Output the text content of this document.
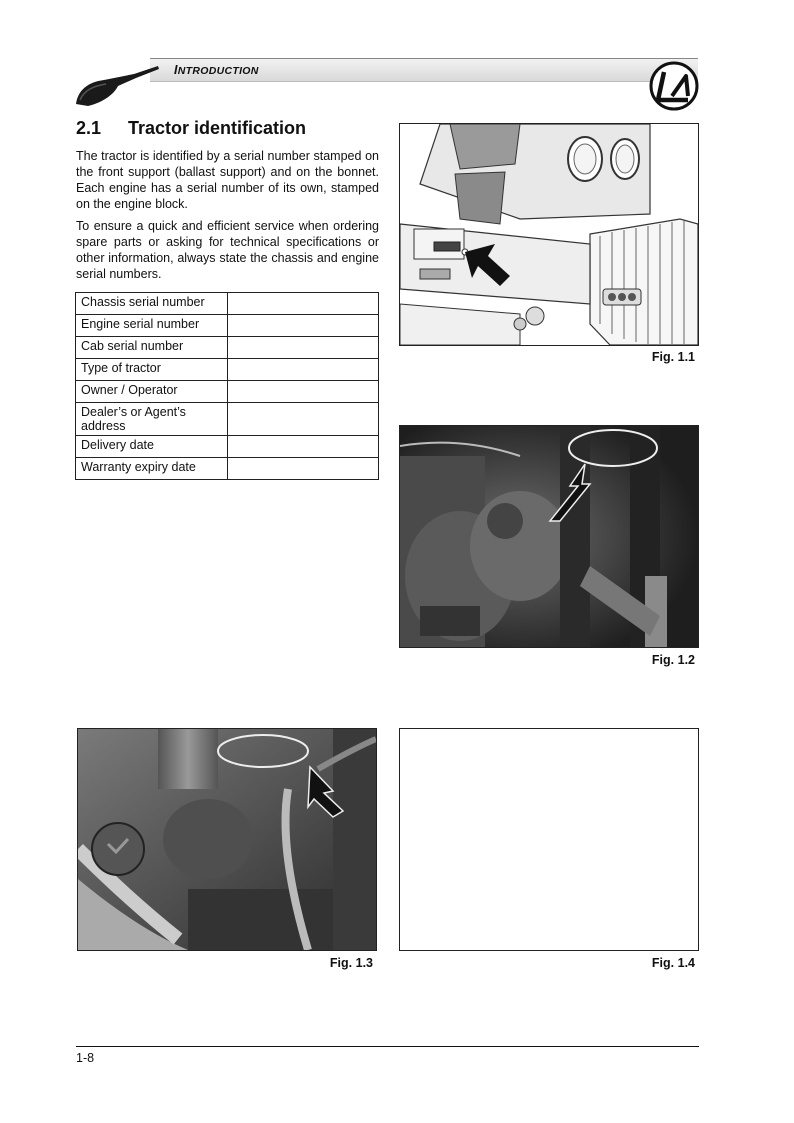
INTRODUCTION
2.1 Tractor identification
The tractor is identified by a serial number stamped on the front support (ballast support) and on the bonnet. Each engine has a serial number of its own, stamped on the engine block.
To ensure a quick and efficient service when ordering spare parts or asking for technical specifications or other information, always state the chassis and engine serial numbers.
Chassis serial number	
Engine serial number	
Cab serial number	
Type of tractor	
Owner / Operator	
Dealer’s or Agent’s address	
Delivery date	
Warranty expiry date	
Fig. 1.1
Fig. 1.2
Fig. 1.3	Fig. 1.4
1-8
